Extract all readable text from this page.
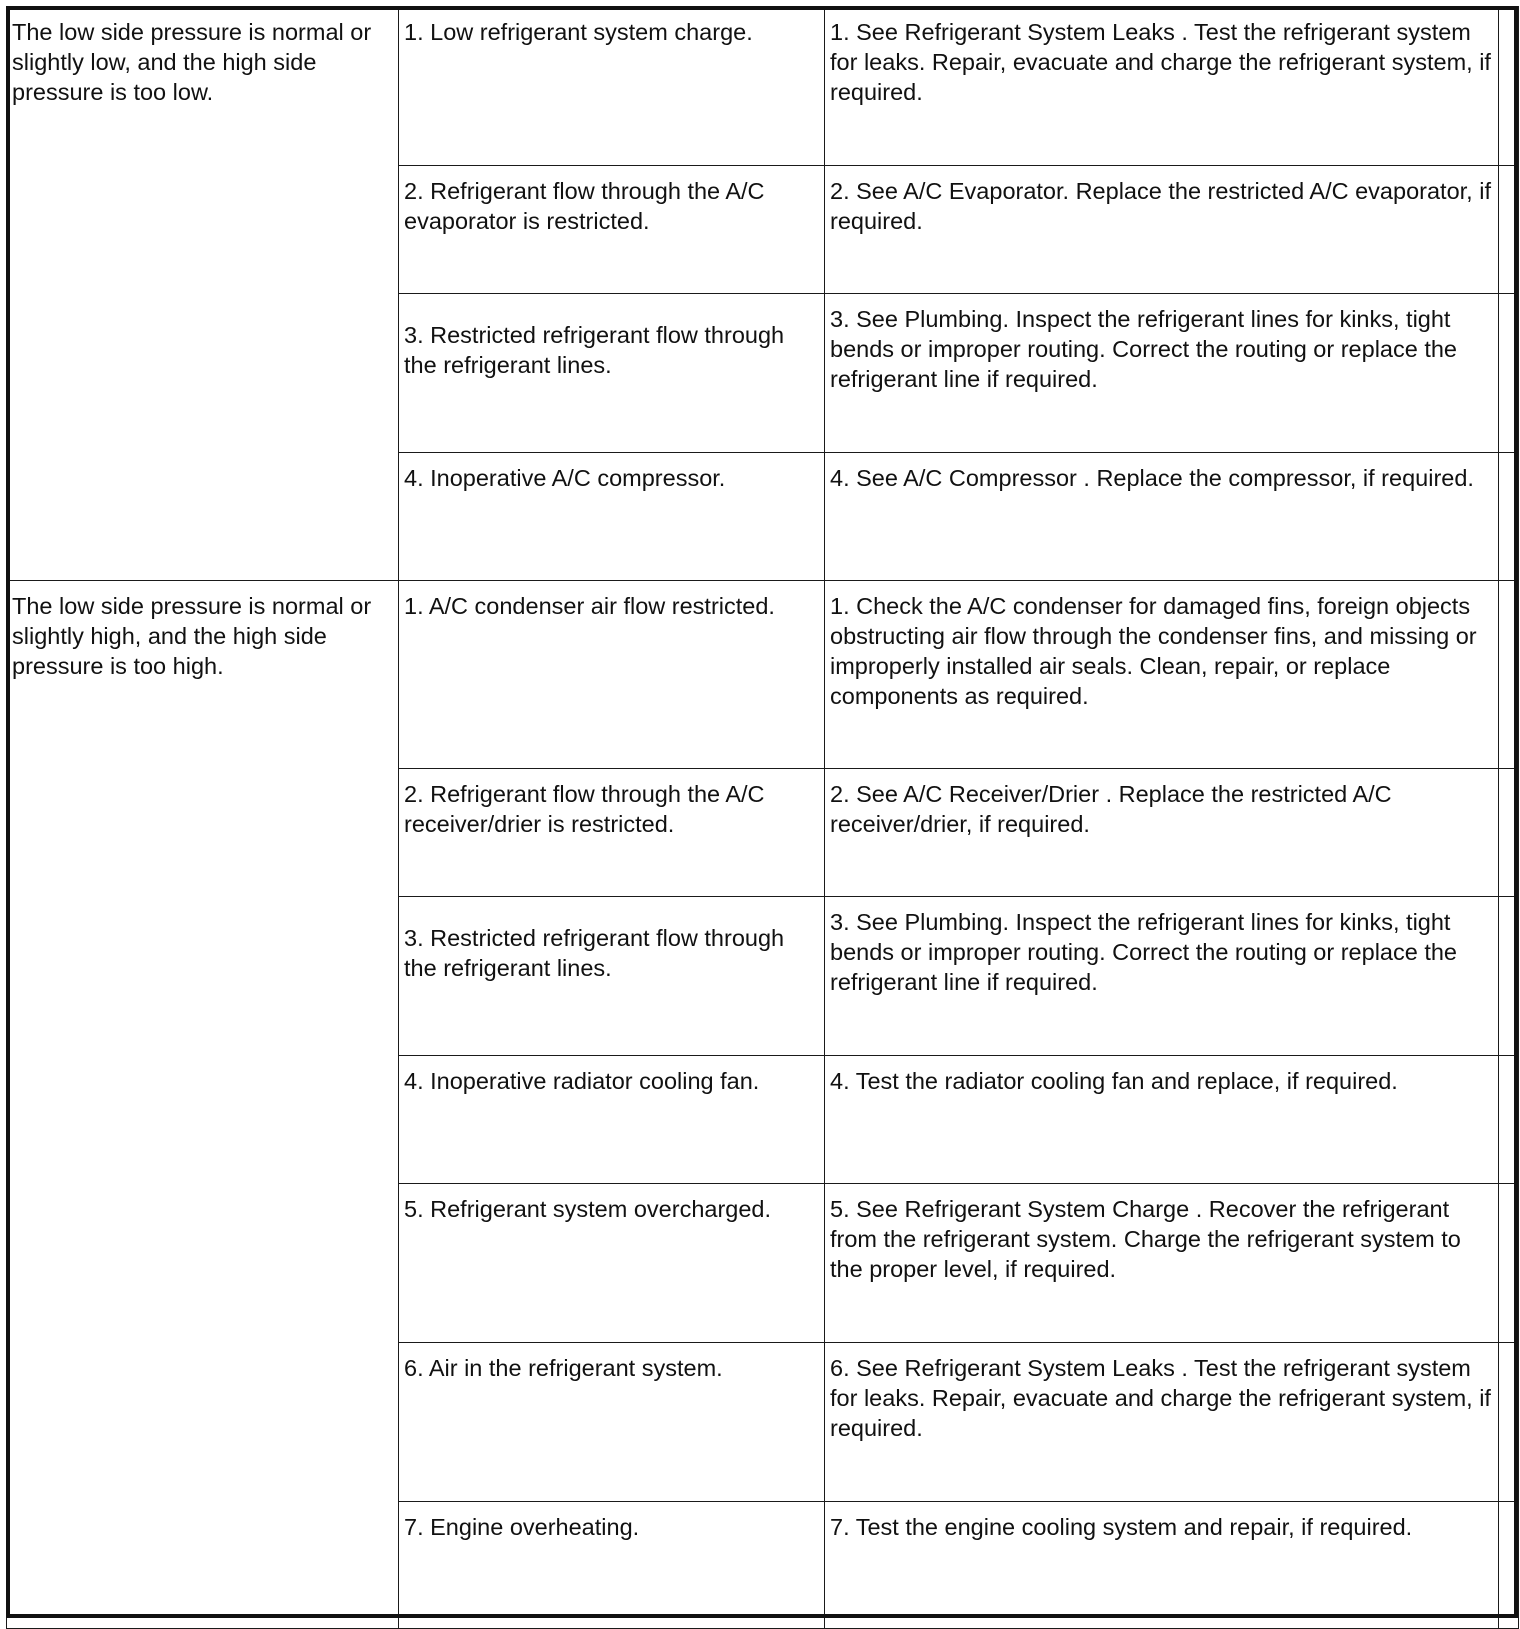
The low side pressure is normal or slightly low, and the high side pressure is too low.	1. Low refrigerant system charge.	1. See Refrigerant System Leaks . Test the refrigerant system for leaks. Repair, evacuate and charge the refrigerant system, if required.	

	2. Refrigerant flow through the A/C evaporator is restricted.	2. See A/C Evaporator. Replace the restricted A/C evaporator, if required.	

	3. Restricted refrigerant flow through the refrigerant lines.	3. See Plumbing. Inspect the refrigerant lines for kinks, tight bends or improper routing. Correct the routing or replace the refrigerant line if required.	

	4. Inoperative A/C compressor.	4. See A/C Compressor . Replace the compressor, if required.	

The low side pressure is normal or slightly high, and the high side pressure is too high.	1. A/C condenser air flow restricted.	1. Check the A/C condenser for damaged fins, foreign objects obstructing air flow through the condenser fins, and missing or improperly installed air seals. Clean, repair, or replace components as required.	

	2. Refrigerant flow through the A/C receiver/drier is restricted.	2. See A/C Receiver/Drier . Replace the restricted A/C receiver/drier, if required.	

	3. Restricted refrigerant flow through the refrigerant lines.	3. See Plumbing. Inspect the refrigerant lines for kinks, tight bends or improper routing. Correct the routing or replace the refrigerant line if required.	

	4. Inoperative radiator cooling fan.	4. Test the radiator cooling fan and replace, if required.	

	5. Refrigerant system overcharged.	5. See Refrigerant System Charge . Recover the refrigerant from the refrigerant system. Charge the refrigerant system to the proper level, if required.	

	6. Air in the refrigerant system.	6. See Refrigerant System Leaks . Test the refrigerant system for leaks. Repair, evacuate and charge the refrigerant system, if required.	

	7. Engine overheating.	7. Test the engine cooling system and repair, if required.	
